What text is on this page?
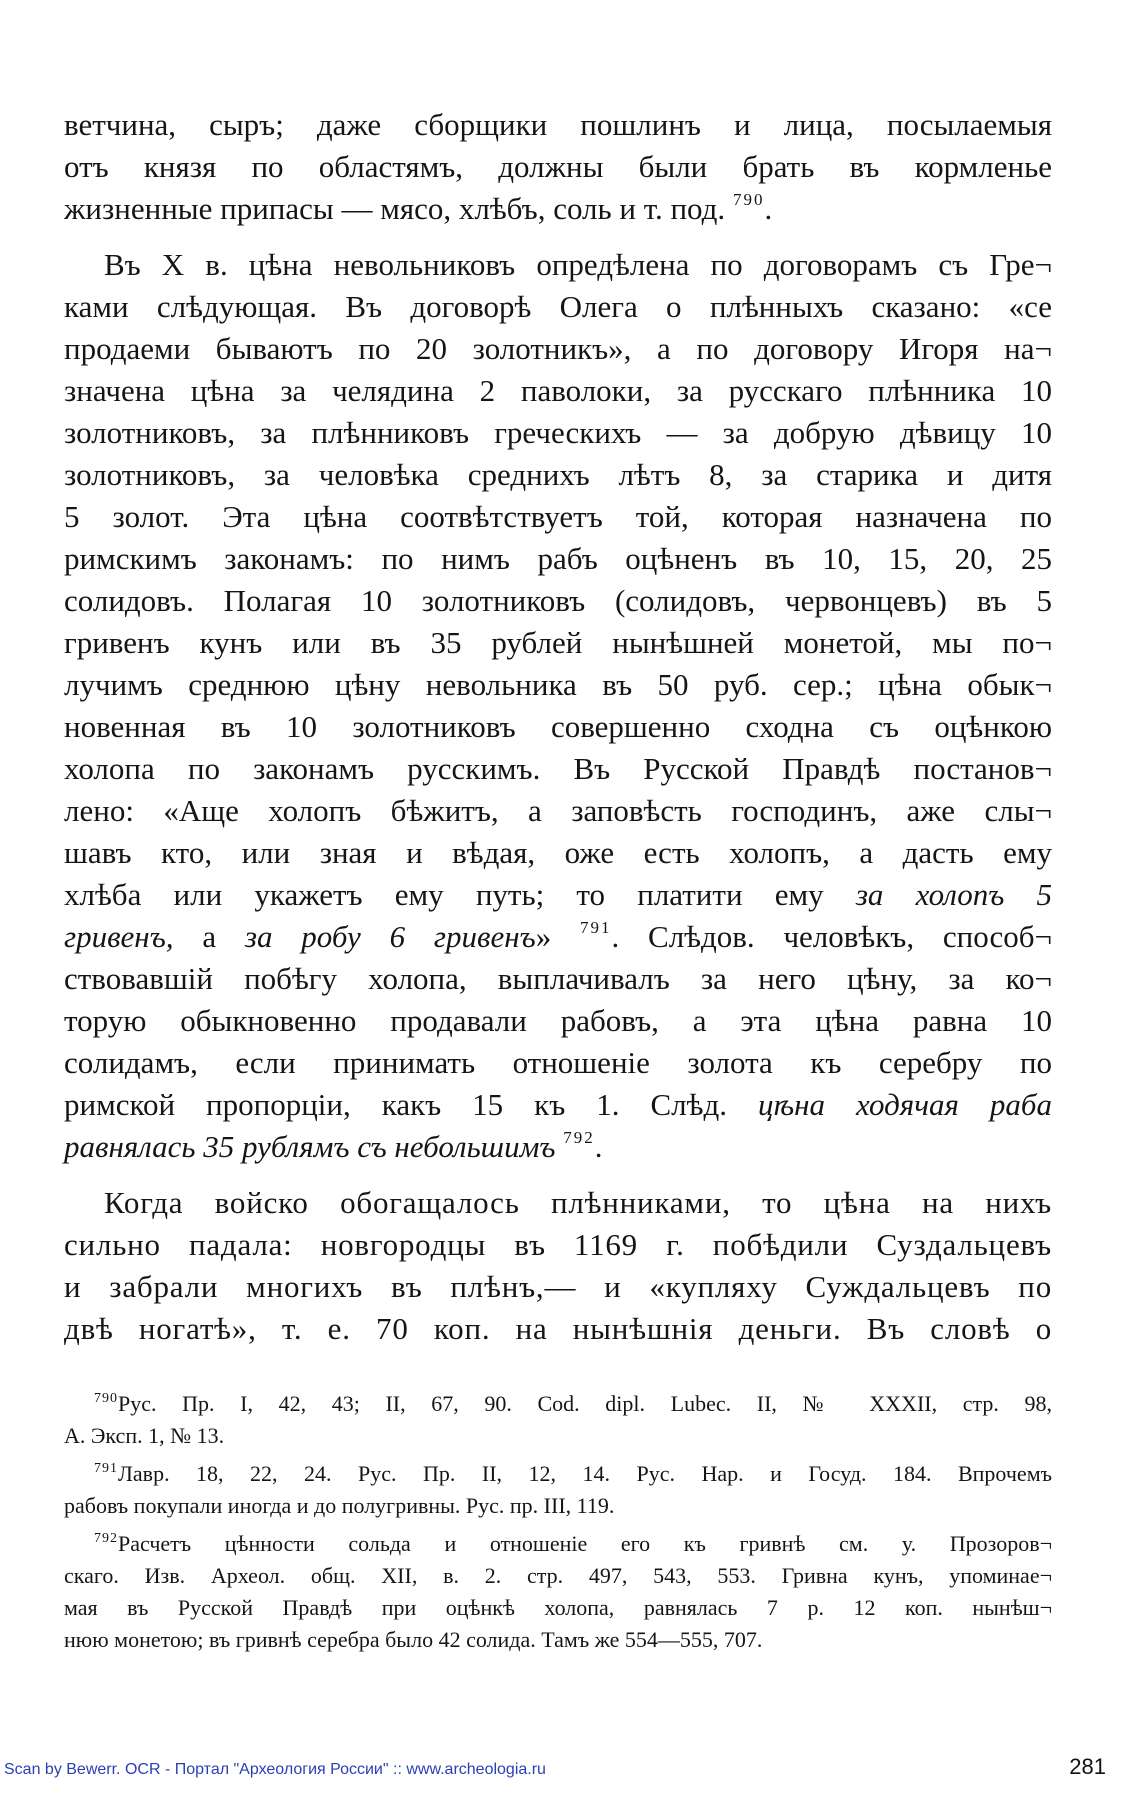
ветчина, сыръ; даже сборщики пошлинъ и лица, посылаемыя
отъ князя по областямъ, должны были брать въ кормленье
жизненные припасы — мясо, хлѣбъ, соль и т. под. $^{790}$.
Въ X в. цѣна невольниковъ опредѣлена по договорамъ съ Гре¬
ками слѣдующая. Въ договорѣ Олега о плѣнныхъ сказано: «се
продаеми бываютъ по 20 золотникъ», а по договору Игоря на¬
значена цѣна за челядина 2 паволоки, за русскаго плѣнника 10
золотниковъ, за плѣнниковъ греческихъ — за добрую дѣвицу 10
золотниковъ, за человѣка среднихъ лѣтъ 8, за старика и дитя
5 золот. Эта цѣна соотвѣтствуетъ той, которая назначена по
римскимъ законамъ: по нимъ рабъ оцѣненъ въ 10, 15, 20, 25
солидовъ. Полагая 10 золотниковъ (солидовъ, червонцевъ) въ 5
гривенъ кунъ или въ 35 рублей нынѣшней монетой, мы по¬
лучимъ среднюю цѣну невольника въ 50 руб. сер.; цѣна обык¬
новенная въ 10 золотниковъ совершенно сходна съ оцѣнкою
холопа по законамъ русскимъ. Въ Русской Правдѣ постанов¬
лено: «Аще холопъ бѣжитъ, а заповѣсть господинъ, аже слы¬
шавъ кто, или зная и вѣдая, оже есть холопъ, а дасть ему
хлѣба или укажетъ ему путь; то платити ему за холопъ 5
гривенъ, а за робу 6 гривенъ» $^{791}$. Слѣдов. человѣкъ, способ¬
ствовавшій побѣгу холопа, выплачивалъ за него цѣну, за ко¬
торую обыкновенно продавали рабовъ, а эта цѣна равна 10
солидамъ, если принимать отношеніе золота къ серебру по
римской пропорціи, какъ 15 къ 1. Слѣд. цѣна ходячая раба
равнялась 35 рублямъ съ небольшимъ $^{792}$.
Когда войско обогащалось плѣнниками, то цѣна на нихъ
сильно падала: новгородцы въ 1169 г. побѣдили Суздальцевъ
и забрали многихъ въ плѣнъ,— и «купляху Суждальцевъ по
двѣ ногатѣ», т. е. 70 коп. на нынѣшнія деньги. Въ словѣ о
$^{790}$Рус. Пр. I, 42, 43; II, 67, 90. Cod. dipl. Lubec. II, № XXXII, стр. 98,
А. Эксп. 1, № 13.
$^{791}$Лавр. 18, 22, 24. Рус. Пр. II, 12, 14. Рус. Нар. и Госуд. 184. Впрочемъ
рабовъ покупали иногда и до полугривны. Рус. пр. III, 119.
$^{792}$Расчетъ цѣнности сольда и отношеніе его къ гривнѣ см. у. Прозоров¬
скаго. Изв. Археол. общ. XII, в. 2. стр. 497, 543, 553. Гривна кунъ, упоминае¬
мая въ Русской Правдѣ при оцѣнкѣ холопа, равнялась 7 р. 12 коп. нынѣш¬
нюю монетою; въ гривнѣ серебра было 42 солида. Тамъ же 554—555, 707.
Scan by Bewerr. OCR - Портал "Археология России" :: www.archeologia.ru	281
